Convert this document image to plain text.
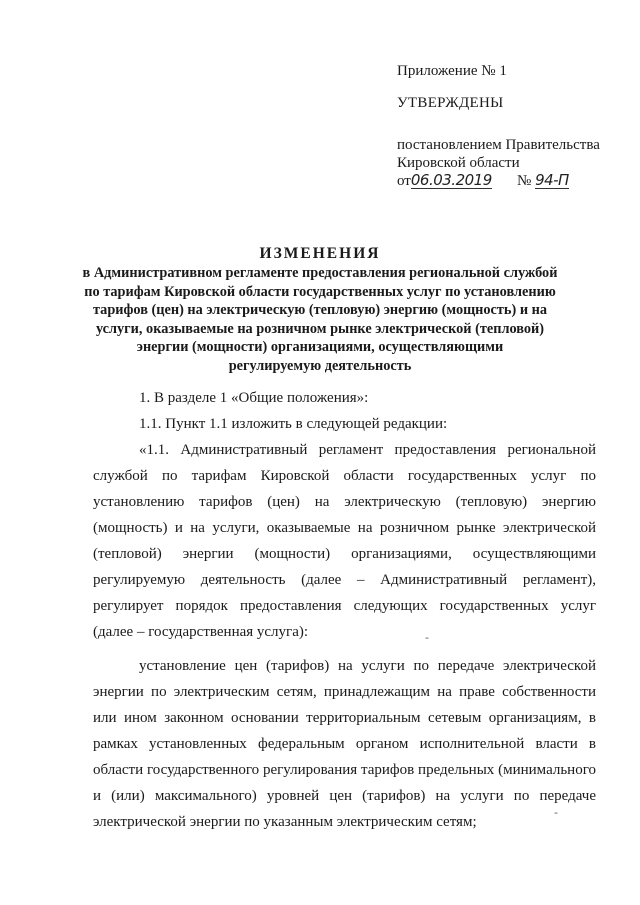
Приложение № 1
УТВЕРЖДЕНЫ
постановлением Правительства
Кировской области
от06.03.2019 № 94-П
ИЗМЕНЕНИЯ
в Административном регламенте предоставления региональной службой
по тарифам Кировской области государственных услуг по установлению
тарифов (цен) на электрическую (тепловую) энергию (мощность) и на
услуги, оказываемые на розничном рынке электрической (тепловой)
энергии (мощности) организациями, осуществляющими
регулируемую деятельность

1. В разделе 1 «Общие положения»:

1.1. Пункт 1.1 изложить в следующей редакции:

«1.1. Административный регламент предоставления региональной службой по тарифам Кировской области государственных услуг по установлению тарифов (цен) на электрическую (тепловую) энергию (мощность) и на услуги, оказываемые на розничном рынке электрической (тепловой) энергии (мощности) организациями, осуществляющими регулируемую деятельность (далее – Административный регламент), регулирует порядок предоставления следующих государственных услуг (далее – государственная услуга):

установление цен (тарифов) на услуги по передаче электрической энергии по электрическим сетям, принадлежащим на праве собственности или ином законном основании территориальным сетевым организациям, в рамках установленных федеральным органом исполнительной власти в области государственного регулирования тарифов предельных (минимального и (или) максимального) уровней цен (тарифов) на услуги по передаче электрической энергии по указанным электрическим сетям;

‐
‐
